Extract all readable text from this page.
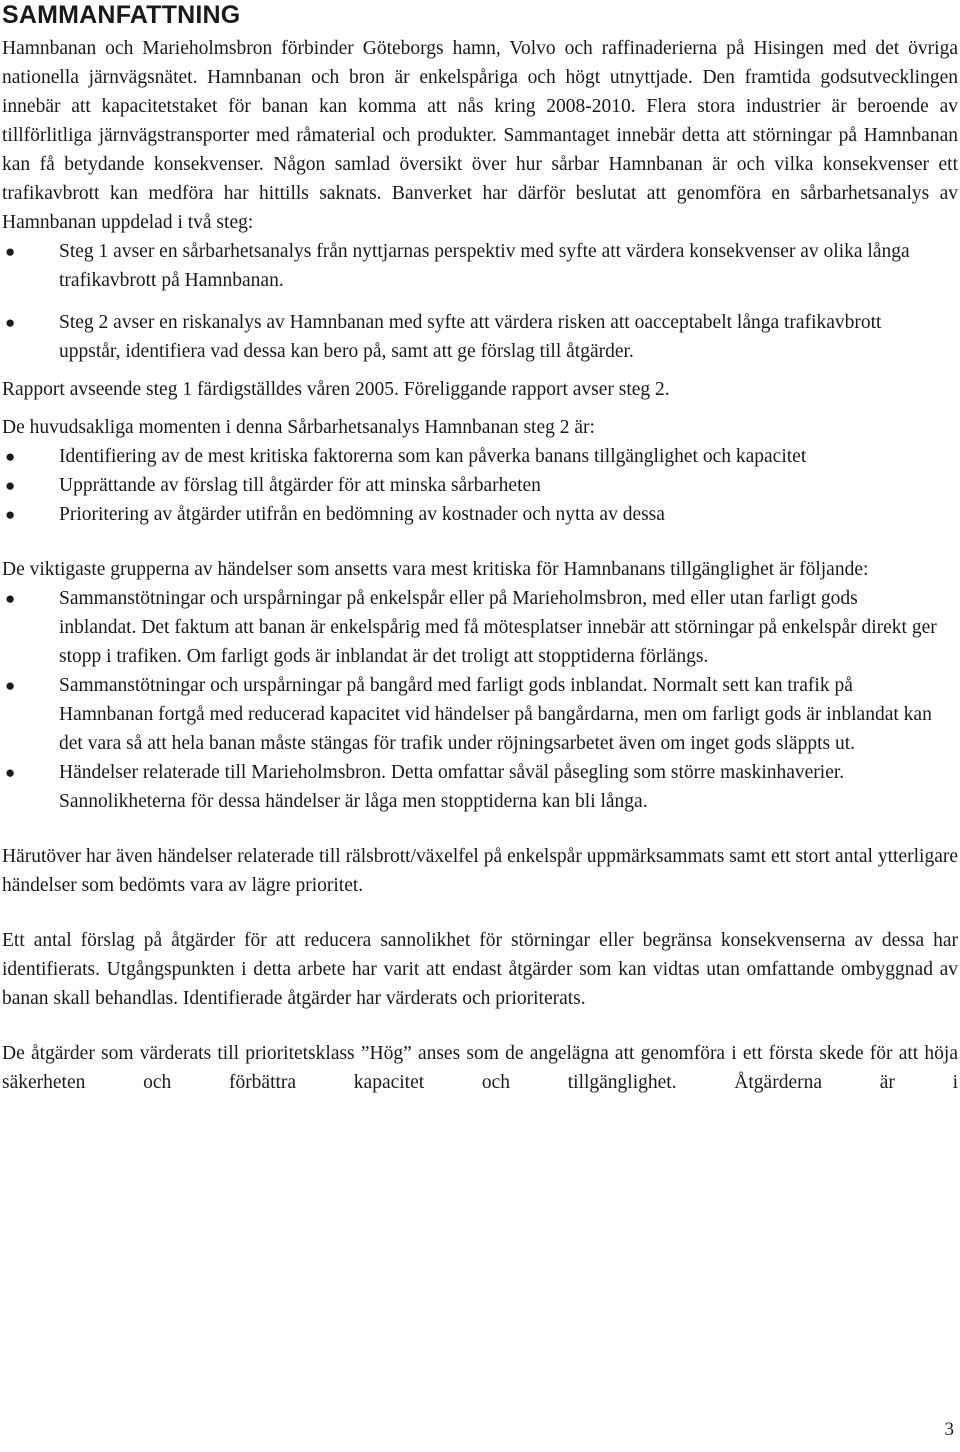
SAMMANFATTNING

Hamnbanan och Marieholmsbron förbinder Göteborgs hamn, Volvo och raffinaderierna på Hisingen med det övriga nationella järnvägsnätet. Hamnbanan och bron är enkelspåriga och högt utnyttjade. Den framtida godsutvecklingen innebär att kapacitetstaket för banan kan komma att nås kring 2008-2010. Flera stora industrier är beroende av tillförlitliga järnvägstransporter med råmaterial och produkter. Sammantaget innebär detta att störningar på Hamnbanan kan få betydande konsekvenser. Någon samlad översikt över hur sårbar Hamnbanan är och vilka konsekvenser ett trafikavbrott kan medföra har hittills saknats. Banverket har därför beslutat att genomföra en sårbarhetsanalys av Hamnbanan uppdelad i två steg:

● Steg 1 avser en sårbarhetsanalys från nyttjarnas perspektiv med syfte att värdera konsekvenser av olika långa trafikavbrott på Hamnbanan.
● Steg 2 avser en riskanalys av Hamnbanan med syfte att värdera risken att oacceptabelt långa trafikavbrott uppstår, identifiera vad dessa kan bero på, samt att ge förslag till åtgärder.

Rapport avseende steg 1 färdigställdes våren 2005. Föreliggande rapport avser steg 2.

De huvudsakliga momenten i denna Sårbarhetsanalys Hamnbanan steg 2 är:

● Identifiering av de mest kritiska faktorerna som kan påverka banans tillgänglighet och kapacitet
● Upprättande av förslag till åtgärder för att minska sårbarheten
● Prioritering av åtgärder utifrån en bedömning av kostnader och nytta av dessa

De viktigaste grupperna av händelser som ansetts vara mest kritiska för Hamnbanans tillgänglighet är följande:

● Sammanstötningar och urspårningar på enkelspår eller på Marieholmsbron, med eller utan farligt gods inblandat. Det faktum att banan är enkelspårig med få mötesplatser innebär att störningar på enkelspår direkt ger stopp i trafiken. Om farligt gods är inblandat är det troligt att stopptiderna förlängs.
● Sammanstötningar och urspårningar på bangård med farligt gods inblandat. Normalt sett kan trafik på Hamnbanan fortgå med reducerad kapacitet vid händelser på bangårdarna, men om farligt gods är inblandat kan det vara så att hela banan måste stängas för trafik under röjningsarbetet även om inget gods släppts ut.
● Händelser relaterade till Marieholmsbron. Detta omfattar såväl påsegling som större maskinhaverier. Sannolikheterna för dessa händelser är låga men stopptiderna kan bli långa.

Härutöver har även händelser relaterade till rälsbrott/växelfel på enkelspår uppmärksammats samt ett stort antal ytterligare händelser som bedömts vara av lägre prioritet.

Ett antal förslag på åtgärder för att reducera sannolikhet för störningar eller begränsa konsekvenserna av dessa har identifierats. Utgångspunkten i detta arbete har varit att endast åtgärder som kan vidtas utan omfattande ombyggnad av banan skall behandlas. Identifierade åtgärder har värderats och prioriterats.

De åtgärder som värderats till prioritetsklass ”Hög” anses som de angelägna att genomföra i ett första skede för att höja säkerheten och förbättra kapacitet och tillgänglighet. Åtgärderna är i

3
